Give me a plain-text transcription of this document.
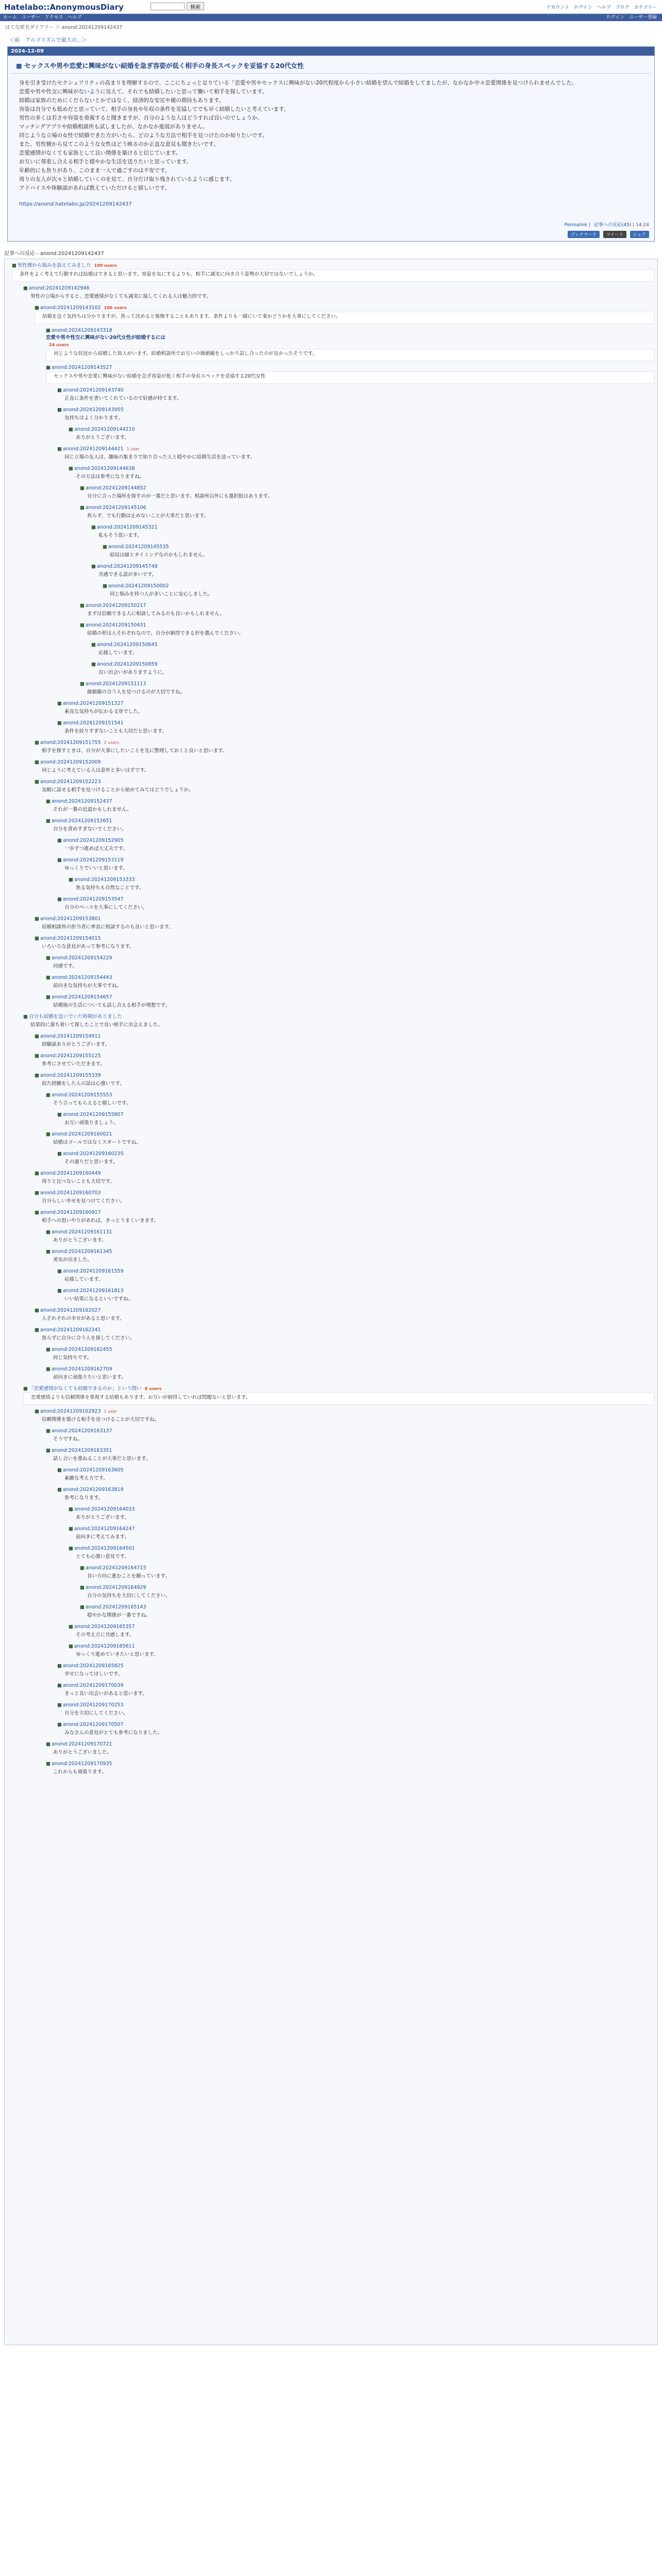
Hatelabo::AnonymousDiary	検索	アカウント ログイン ヘルプ ブログ カテゴリー
ホーム ユーザー アクセス ヘルプ	ログイン ユーザー登録
はてな匿名ダイアリー ＞ anond:20241209142437
＜前 アルゴリズムで最大の…＞
2024-12-09
■ セックスや男や恋愛に興味がない結婚を急ぎ容姿が低く相手の身長スペックを妥協する20代女性

身を引き受けたセクシュアリティの高まりを理解するので、ここにちょっと足りている「恋愛や男やセックスに興味がない20代程度から小さい結婚を望んで結婚をしてましたが、なかなか中々恋愛関係を見つけられませんでした。

恋愛や男や性交に興味がないように見えて、それでも結婚したいと思って働いて相手を探しています。

結婚は家族のためにくだらないとかではなく、経済的な安定や親の期待もあります。

容姿は自分でも低めだと思っていて、相手の身長や年収の条件を妥協してでも早く結婚したいと考えています。

男性の多くは若さや容姿を重視すると聞きますが、自分のような人はどうすれば良いのでしょうか。

マッチングアプリや結婚相談所も試しましたが、なかなか進展がありません。

同じような立場の女性で結婚できた方がいたら、どのような方法で相手を見つけたのか知りたいです。

また、男性側から見てこのような女性はどう映るのか正直な意見も聞きたいです。

恋愛感情がなくても家族として良い関係を築けると信じています。

お互いに尊重し合える相手と穏やかな生活を送りたいと思っています。

年齢的にも焦りがあり、このまま一人で過ごすのは不安です。

周りの友人が次々と結婚していくのを見て、自分だけ取り残されているように感じます。

アドバイスや体験談があれば教えていただけると嬉しいです。

https://anond.hatelabo.jp/20241209142437
Permalink | 記事への反応(45) | 14:24
ブックマーク ツイート シェア
記事への反応 - anond:20241209142437
■ 男性側から悩みを訴えてみました 109 users
条件をよく考えて行動すれば結婚はできると思います。容姿を気にするよりも、相手に誠実に向き合う姿勢が大切ではないでしょうか。
■ anond:20241209142946
男性の立場からすると、恋愛感情がなくても誠実に接してくれる人は魅力的です。
■ anond:20241209143102 100 users
結婚を急ぐ気持ちは分かりますが、焦って決めると後悔することもあります。条件よりも一緒にいて楽かどうかを大事にしてください。
■ anond:20241209143318
恋愛や男や性交に興味がない20代女性が結婚するには
24 users
同じような状況から結婚した知人がいます。結婚相談所でお互いの価値観をしっかり話し合ったのが良かったそうです。
■ anond:20241209143527
セックスや男や恋愛に興味がない結婚を急ぎ容姿が低く相手の身長スペックを妥協する20代女性
■ anond:20241209143740
正直に条件を書いてくれているので好感が持てます。
■ anond:20241209143955
気持ちはよく分かります。
■ anond:20241209144210
ありがとうございます。
■ anond:20241209144421 1 user
同じ立場の友人は、趣味の集まりで知り合った人と穏やかに結婚生活を送っています。
■ anond:20241209144638
その方法は参考になりますね。
■ anond:20241209144852
自分に合った場所を探すのが一番だと思います。相談所以外にも選択肢はあります。
■ anond:20241209145106
焦らず、でも行動は止めないことが大事だと思います。
■ anond:20241209145321
私もそう思います。
■ anond:20241209145535
結局は縁とタイミングなのかもしれません。
■ anond:20241209145748
共感できる話が多いです。
■ anond:20241209150002
同じ悩みを持つ人が多いことに安心しました。
■ anond:20241209150217
まずは信頼できる人に相談してみるのも良いかもしれません。
■ anond:20241209150431
結婚の形は人それぞれなので、自分が納得できる形を選んでください。
■ anond:20241209150645
応援しています。
■ anond:20241209150859
良い出会いがありますように。
■ anond:20241209151113
価値観の合う人を見つけるのが大切ですね。
■ anond:20241209151327
素直な気持ちが伝わる文章でした。
■ anond:20241209151541
条件を絞りすぎないことも大切だと思います。
■ anond:20241209151755 2 users
相手を探すときは、自分が大事にしたいことを先に整理しておくと良いと思います。
■ anond:20241209152009
同じように考えている人は意外と多いはずです。
■ anond:20241209152223
気軽に話せる相手を見つけることから始めてみてはどうでしょうか。
■ anond:20241209152437
それが一番の近道かもしれません。
■ anond:20241209152651
自分を責めすぎないでください。
■ anond:20241209152905
一歩ずつ進めば大丈夫です。
■ anond:20241209153119
ゆっくりでいいと思います。
■ anond:20241209153333
焦る気持ちも自然なことです。
■ anond:20241209153547
自分のペースを大事にしてください。
■ anond:20241209153801
結婚相談所の担当者に率直に相談するのも良いと思います。
■ anond:20241209154015
いろいろな意見があって参考になります。
■ anond:20241209154229
同感です。
■ anond:20241209154443
前向きな気持ちが大事ですね。
■ anond:20241209154657
結婚後の生活についても話し合える相手が理想です。
■ 自分も結婚を急いでいた時期がありました
結果的に落ち着いて探したことで良い相手に出会えました。
■ anond:20241209154911
経験談ありがとうございます。
■ anond:20241209155125
参考にさせていただきます。
■ anond:20241209155339
似た経験をした人の話は心強いです。
■ anond:20241209155553
そう言ってもらえると嬉しいです。
■ anond:20241209155807
お互い頑張りましょう。
■ anond:20241209160021
結婚はゴールではなくスタートですね。
■ anond:20241209160235
その通りだと思います。
■ anond:20241209160449
周りと比べないことも大切です。
■ anond:20241209160703
自分らしい幸せを見つけてください。
■ anond:20241209160917
相手への思いやりがあれば、きっとうまくいきます。
■ anond:20241209161131
ありがとうございます。
■ anond:20241209161345
勇気が出ました。
■ anond:20241209161559
応援しています。
■ anond:20241209161813
いい結果になるといいですね。
■ anond:20241209162027
人それぞれの幸せがあると思います。
■ anond:20241209162241
焦らずに自分に合う人を探してください。
■ anond:20241209162455
同じ気持ちです。
■ anond:20241209162709
前向きに頑張りたいと思います。
■ 「恋愛感情がなくても結婚できるのか」という問い 8 users
恋愛感情よりも信頼関係を重視する結婚もあります。お互いが納得していれば問題ないと思います。
■ anond:20241209162923 1 user
信頼関係を築ける相手を見つけることが大切ですね。
■ anond:20241209163137
そうですね。
■ anond:20241209163351
話し合いを重ねることが大事だと思います。
■ anond:20241209163605
素敵な考え方です。
■ anond:20241209163819
参考になります。
■ anond:20241209164033
ありがとうございます。
■ anond:20241209164247
前向きに考えてみます。
■ anond:20241209164501
とても心強い意見です。
■ anond:20241209164715
良い方向に進むことを願っています。
■ anond:20241209164929
自分の気持ちを大切にしてください。
■ anond:20241209165143
穏やかな関係が一番ですね。
■ anond:20241209165357
その考え方に共感します。
■ anond:20241209165611
ゆっくり進めていきたいと思います。
■ anond:20241209165825
幸せになってほしいです。
■ anond:20241209170039
きっと良い出会いがあると思います。
■ anond:20241209170253
自分を大切にしてください。
■ anond:20241209170507
みなさんの意見がとても参考になりました。
■ anond:20241209170721
ありがとうございました。
■ anond:20241209170935
これからも頑張ります。
